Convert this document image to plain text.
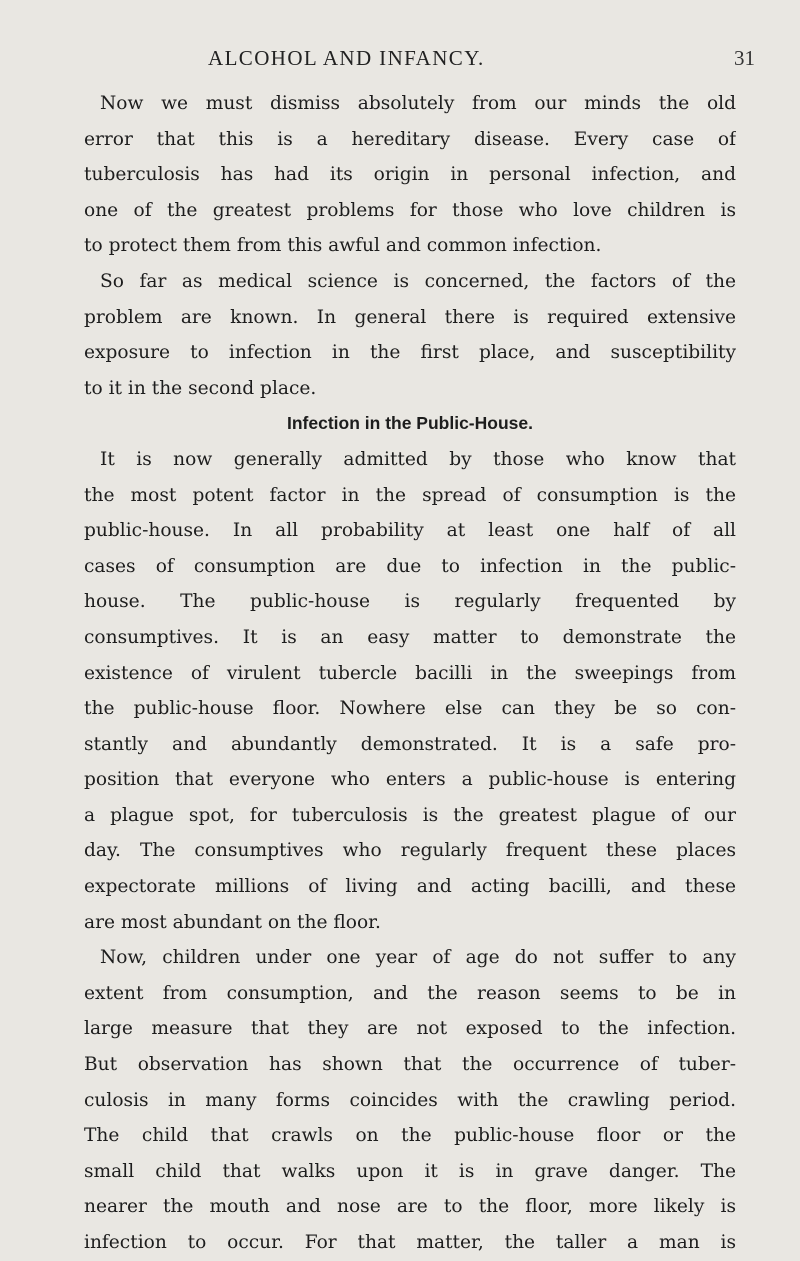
ALCOHOL AND INFANCY.	31
Now we must dismiss absolutely from our minds the old
error that this is a hereditary disease. Every case of
tuberculosis has had its origin in personal infection, and
one of the greatest problems for those who love children is
to protect them from this awful and common infection.
So far as medical science is concerned, the factors of the
problem are known. In general there is required extensive
exposure to infection in the first place, and susceptibility
to it in the second place.
Infection in the Public-House.
It is now generally admitted by those who know that
the most potent factor in the spread of consumption is the
public-house. In all probability at least one half of all
cases of consumption are due to infection in the public-
house. The public-house is regularly frequented by
consumptives. It is an easy matter to demonstrate the
existence of virulent tubercle bacilli in the sweepings from
the public-house floor. Nowhere else can they be so con-
stantly and abundantly demonstrated. It is a safe pro-
position that everyone who enters a public-house is entering
a plague spot, for tuberculosis is the greatest plague of our
day. The consumptives who regularly frequent these places
expectorate millions of living and acting bacilli, and these
are most abundant on the floor.
Now, children under one year of age do not suffer to any
extent from consumption, and the reason seems to be in
large measure that they are not exposed to the infection.
But observation has shown that the occurrence of tuber-
culosis in many forms coincides with the crawling period.
The child that crawls on the public-house floor or the
small child that walks upon it is in grave danger. The
nearer the mouth and nose are to the floor, more likely is
infection to occur. For that matter, the taller a man is
